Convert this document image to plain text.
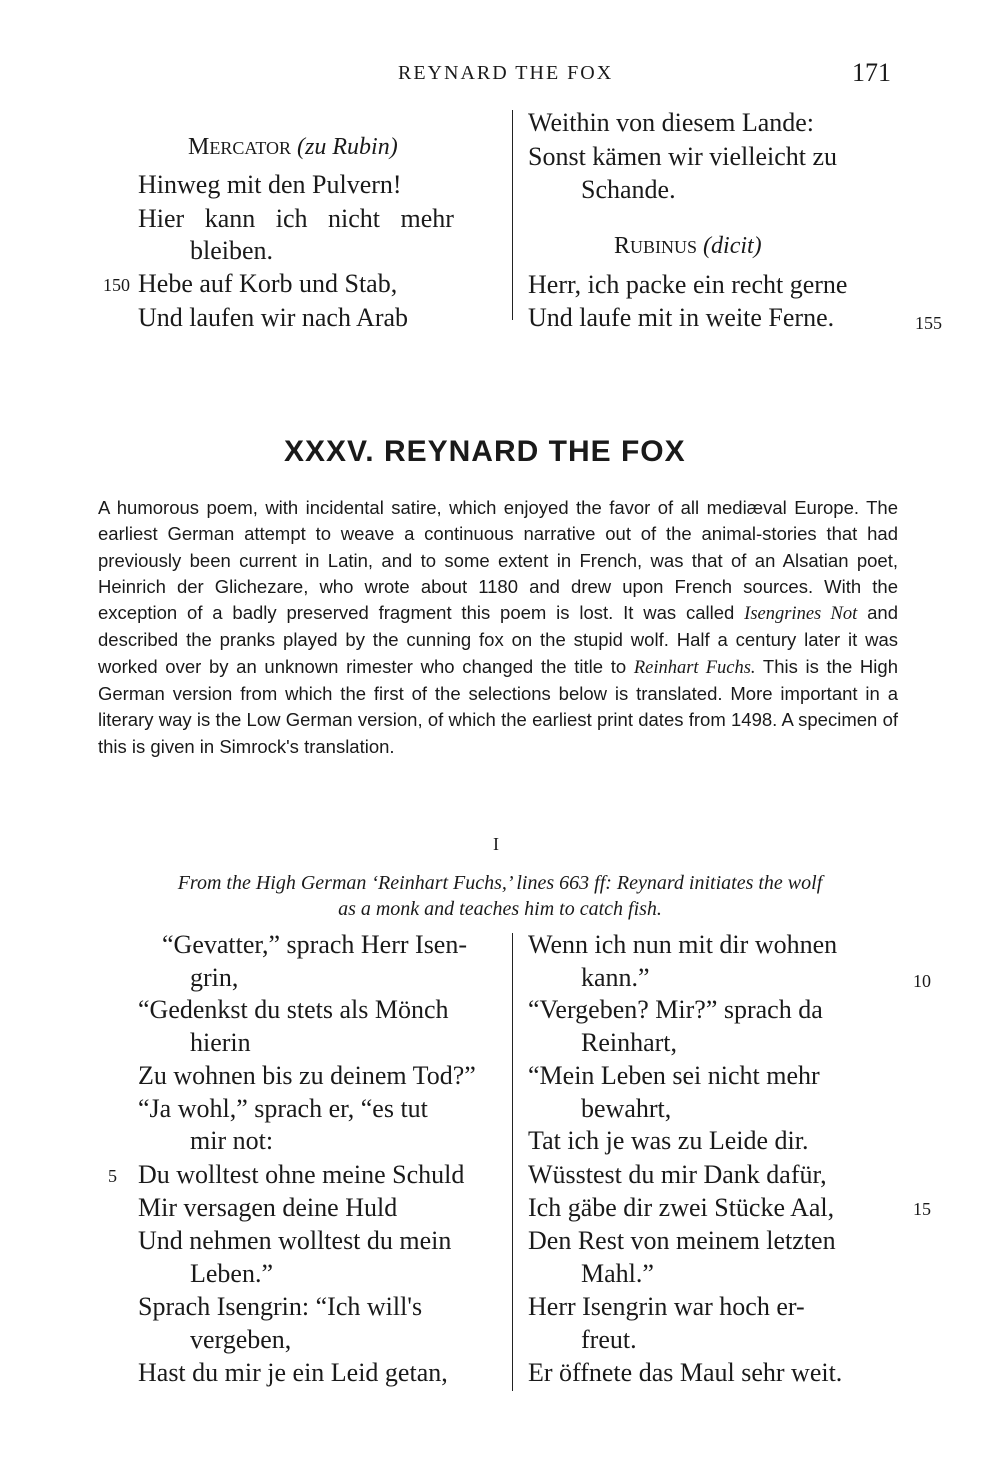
REYNARD THE FOX	171
MERCATOR (zu Rubin)
Hinweg mit den Pulvern!
Hier kann ich nicht mehr
bleiben.
150 Hebe auf Korb und Stab,
Und laufen wir nach Arab
Weithin von diesem Lande:
Sonst kämen wir vielleicht zu
Schande.
RUBINUS (dicit)
Herr, ich packe ein recht gerne
Und laufe mit in weite Ferne.	155
XXXV. REYNARD THE FOX
A humorous poem, with incidental satire, which enjoyed the favor of all mediæval Europe. The earliest German attempt to weave a continuous narrative out of the animal-stories that had previously been current in Latin, and to some extent in French, was that of an Alsatian poet, Heinrich der Glichezare, who wrote about 1180 and drew upon French sources. With the exception of a badly preserved fragment this poem is lost. It was called Isengrines Not and described the pranks played by the cunning fox on the stupid wolf. Half a century later it was worked over by an unknown rimester who changed the title to Reinhart Fuchs. This is the High German version from which the first of the selections below is translated. More important in a literary way is the Low German version, of which the earliest print dates from 1498. A specimen of this is given in Simrock's translation.
I
From the High German ‘Reinhart Fuchs,’ lines 663 ff: Reynard initiates the wolf
as a monk and teaches him to catch fish.
“Gevatter,” sprach Herr Isen-
grin,
“Gedenkst du stets als Mönch
hierin
Zu wohnen bis zu deinem Tod?”
“Ja wohl,” sprach er, “es tut
mir not:
5 Du wolltest ohne meine Schuld
Mir versagen deine Huld
Und nehmen wolltest du mein
Leben.”
Sprach Isengrin: “Ich will's
vergeben,
Hast du mir je ein Leid getan,
Wenn ich nun mit dir wohnen
kann.”	10
“Vergeben? Mir?” sprach da
Reinhart,
“Mein Leben sei nicht mehr
bewahrt,
Tat ich je was zu Leide dir.
Wüsstest du mir Dank dafür,
Ich gäbe dir zwei Stücke Aal,	15
Den Rest von meinem letzten
Mahl.”
Herr Isengrin war hoch er-
freut.
Er öffnete das Maul sehr weit.
